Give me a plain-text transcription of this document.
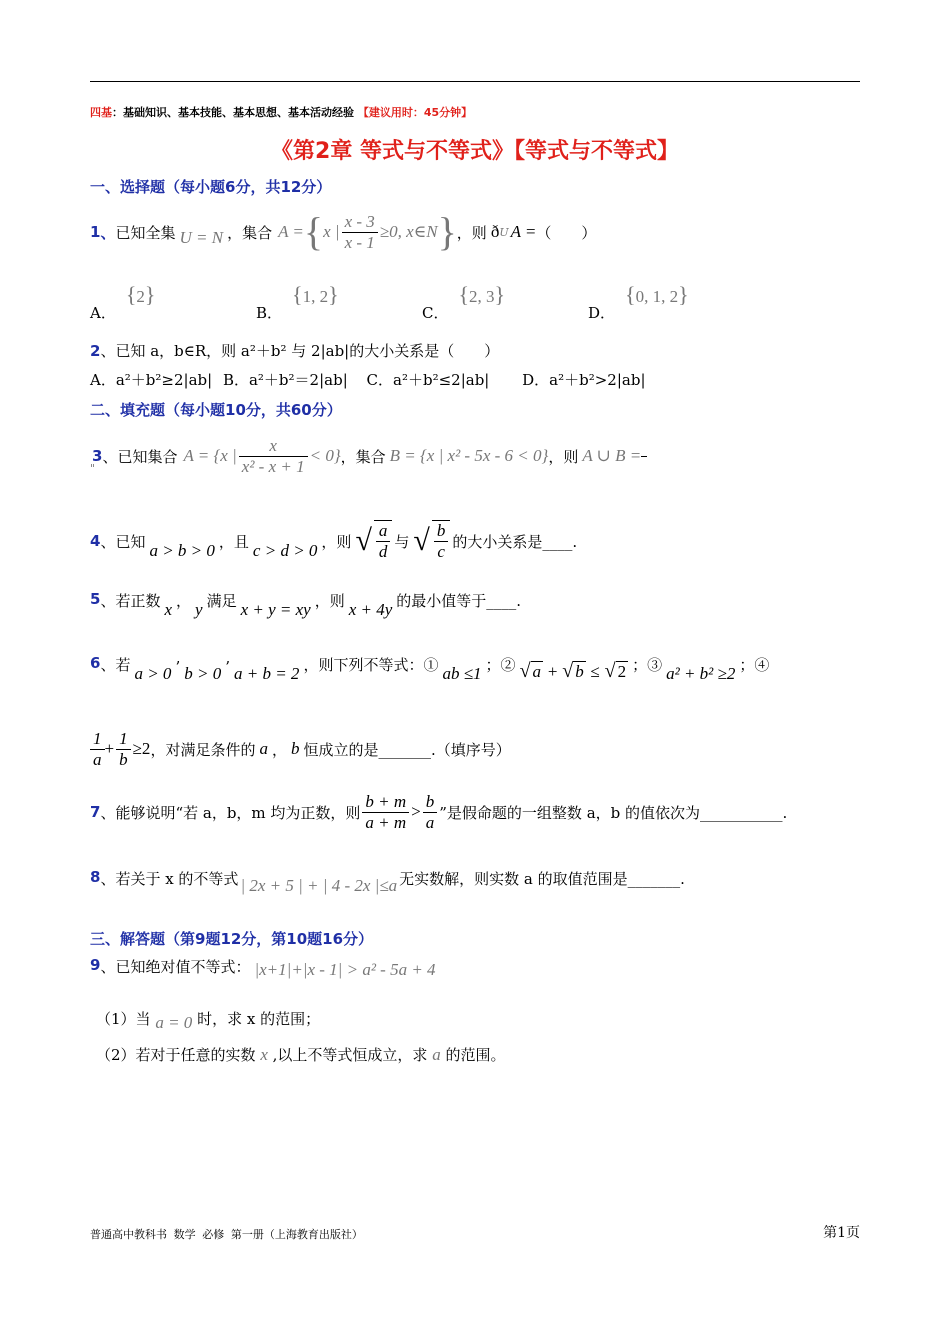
四基：基础知识、基本技能、基本思想、基本活动经验 【建议用时：45分钟】
《第2章 等式与不等式》【等式与不等式】
一、选择题（每小题6分，共12分）
1 、 已知全集 U = N ，集合 A = { x | $\frac{x - 3}{x - 1} \ge 0$, x∈N } ，则 ð U A = （　　）
A．{2}
B．{1, 2}
C．{2, 3}
D．{0, 1, 2}
2、已知 a，b∈R，则 a²＋b² 与 2|ab|的大小关系是（　　）
A．a²＋b²≥2|ab| B．a²＋b²＝2|ab| C．a²＋b²≤2|ab| D．a²＋b²>2|ab|
二、填充题（每小题10分，共60分）
3 、已知集合 A = {x | $\frac{x}{\text{x² - x + 1}} < 0$} ，集合 B = {x | x² - 5x - 6 < 0} ，则 A ∪ B =
"
4 、已知 a > b > 0 ，且 c > d > 0 ，则 √ $\frac{a}{d}$ 与 √ $\frac{b}{c}$ 的大小关系是____.
5 、若正数 x ， y 满足 x + y = xy ，则 x + 4y 的最小值等于____.
6 、若 a > 0 ’ b > 0 ’ a + b = 2 ，则下列不等式：① ab ≤1 ；② √ a + √ b ≤ √ 2 ；③ a² + b² ≥2 ；④
$\frac{1}{a} + \frac{1}{b} \ge 2$ ，对满足条件的 a ， b 恒成立的是_______.（填序号）
7 、能够说明“若 a，b，m 均为正数，则 $\frac{b + m}{a + m} > \frac{b}{a}$ ”是假命题的一组整数 a，b 的值依次为___________.
8 、若关于 x 的不等式 | 2x + 5 | + | 4 - 2x |≤a 无实数解，则实数 a 的取值范围是_______.
三、解答题（第9题12分，第10题16分）
9 、已知绝对值不等式： |x+1|+|x - 1| > a² - 5a + 4
（1）当 a = 0 时，求 x 的范围；
（2）若对于任意的实数 x ,以上不等式恒成立，求 a 的范围。
普通高中教科书 数学 必修 第一册（上海教育出版社）	第1页
